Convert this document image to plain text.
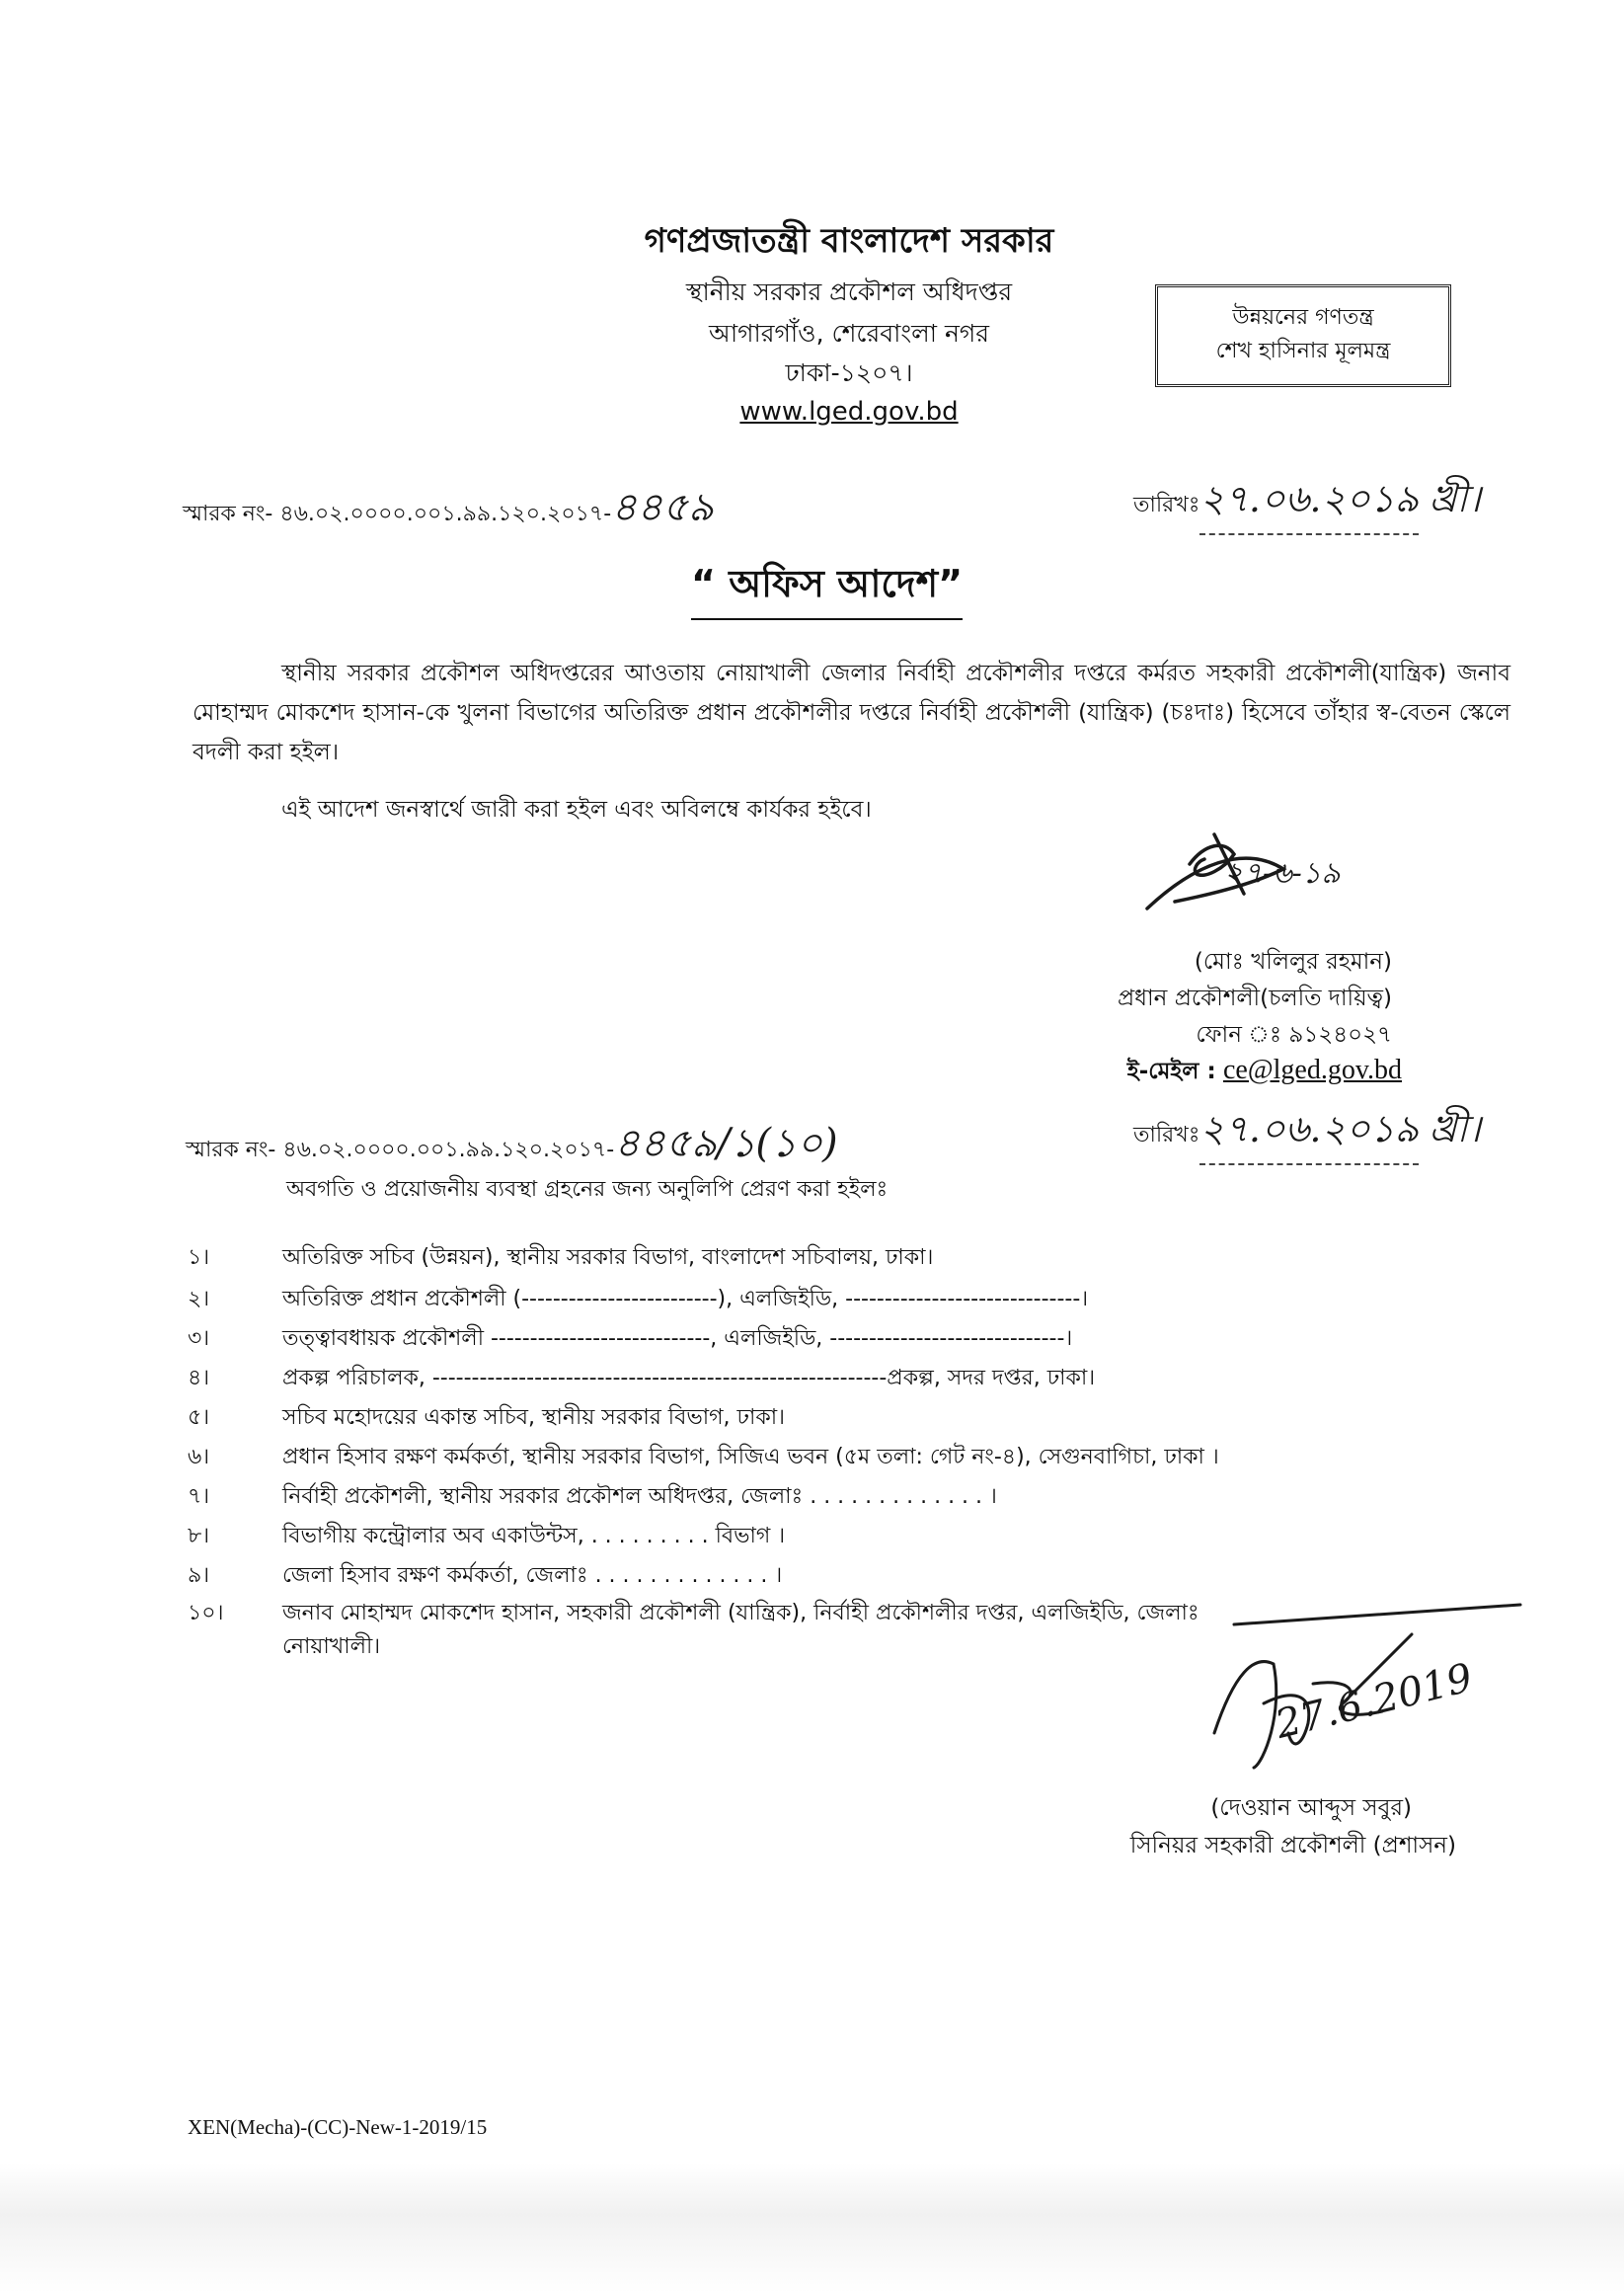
গণপ্রজাতন্ত্রী বাংলাদেশ সরকার
স্থানীয় সরকার প্রকৌশল অধিদপ্তর
আগারগাঁও, শেরেবাংলা নগর
ঢাকা-১২০৭।
www.lged.gov.bd
উন্নয়নের গণতন্ত্র
শেখ হাসিনার মূলমন্ত্র
স্মারক নং- ৪৬.০২.০০০০.০০১.৯৯.১২০.২০১৭-৪৪৫৯	তারিখঃ২৭.০৬.২০১৯ খ্রী।
“ অফিস আদেশ”
স্থানীয় সরকার প্রকৌশল অধিদপ্তরের আওতায় নোয়াখালী জেলার নির্বাহী প্রকৌশলীর দপ্তরে কর্মরত সহকারী প্রকৌশলী(যান্ত্রিক) জনাব মোহাম্মদ মোকশেদ হাসান-কে খুলনা বিভাগের অতিরিক্ত প্রধান প্রকৌশলীর দপ্তরে নির্বাহী প্রকৌশলী (যান্ত্রিক) (চঃদাঃ) হিসেবে তাঁহার স্ব-বেতন স্কেলে বদলী করা হইল।
এই আদেশ জনস্বার্থে জারী করা হইল এবং অবিলম্বে কার্যকর হইবে।
২৭-৬-১৯
(মোঃ খলিলুর রহমান)
প্রধান প্রকৌশলী(চলতি দায়িত্ব)
ফোন ঃ ৯১২৪০২৭
ই-মেইল : ce@lged.gov.bd
স্মারক নং- ৪৬.০২.০০০০.০০১.৯৯.১২০.২০১৭-৪৪৫৯/১(১০)	তারিখঃ২৭.০৬.২০১৯ খ্রী।
অবগতি ও প্রয়োজনীয় ব্যবস্থা গ্রহনের জন্য অনুলিপি প্রেরণ করা হইলঃ
১।	অতিরিক্ত সচিব (উন্নয়ন), স্থানীয় সরকার বিভাগ, বাংলাদেশ সচিবালয়, ঢাকা।
২।	অতিরিক্ত প্রধান প্রকৌশলী (-------------------------), এলজিইডি, ------------------------------।
৩।	তত্ত্বাবধায়ক প্রকৌশলী ----------------------------, এলজিইডি, ------------------------------।
৪।	প্রকল্প পরিচালক, ----------------------------------------------------------প্রকল্প, সদর দপ্তর, ঢাকা।
৫।	সচিব মহোদয়ের একান্ত সচিব, স্থানীয় সরকার বিভাগ, ঢাকা।
৬।	প্রধান হিসাব রক্ষণ কর্মকর্তা, স্থানীয় সরকার বিভাগ, সিজিএ ভবন (৫ম তলা: গেট নং-৪), সেগুনবাগিচা, ঢাকা ।
৭।	নির্বাহী প্রকৌশলী, স্থানীয় সরকার প্রকৌশল অধিদপ্তর, জেলাঃ . . . . . . . . . . . . . ।
৮।	বিভাগীয় কন্ট্রোলার অব একাউন্টস, . . . . . . . . . বিভাগ ।
৯।	জেলা হিসাব রক্ষণ কর্মকর্তা, জেলাঃ . . . . . . . . . . . . . ।
১০।	জনাব মোহাম্মদ মোকশেদ হাসান, সহকারী প্রকৌশলী (যান্ত্রিক), নির্বাহী প্রকৌশলীর দপ্তর, এলজিইডি, জেলাঃ
নোয়াখালী।
27.6.2019
(দেওয়ান আব্দুস সবুর)
সিনিয়র সহকারী প্রকৌশলী (প্রশাসন)
XEN(Mecha)-(CC)-New-1-2019/15
